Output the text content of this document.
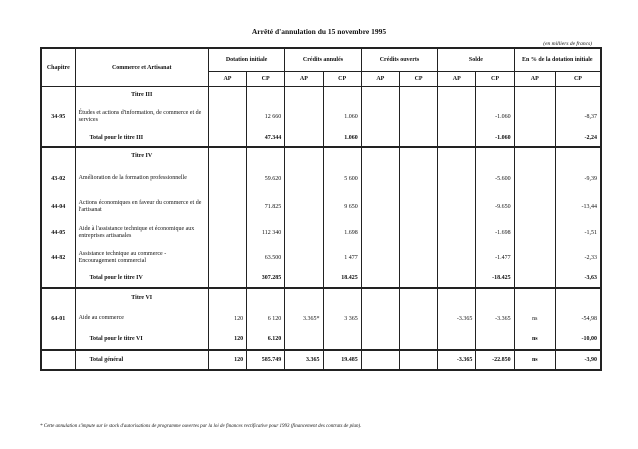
Arrêté d'annulation du 15 novembre 1995
(en milliers de francs)
Chapitre	Commerce et Artisanat	Dotation initiale		Crédits annulés		Crédits ouverts		Solde		En % de la dotation initiale	
		AP	CP	AP	CP	AP	CP	AP	CP	AP	CP
	Titre III										
34-95	Études et actions d'information, de commerce et de services		12 660		1.060				-1.060		-8,37
	Total pour le titre III		47.344		1.060				-1.060		-2,24
	Titre IV										
43-02	Amélioration de la formation professionnelle		59.620		5 600				-5.600		-9,39
44-04	Actions économiques en faveur du commerce et de l'artisanat		71.825		9 650				-9.650		-13,44
44-05	Aide à l'assistance technique et économique aux entreprises artisanales		112 340		1.698				-1.698		-1,51
44-82	Assistance technique au commerce - Encouragement commercial		63.500		1 477				-1.477		-2,33
	Total pour le titre IV		307.285		18.425				-18.425		-3,63
	Titre VI										
64-01	Aide au commerce	120	6 120	3.365*	3 365			-3.365	-3.365	ns	-54,98
	Total pour le titre VI	120	6.120							ns	-10,00
	Total général	120	585.749	3.365	19.485			-3.365	-22.850	ns	-3,90
* Cette annulation s'impute sur le stock d'autorisations de programme ouvertes par la loi de finances rectificative pour 1993 (financement des contrats de plan).
